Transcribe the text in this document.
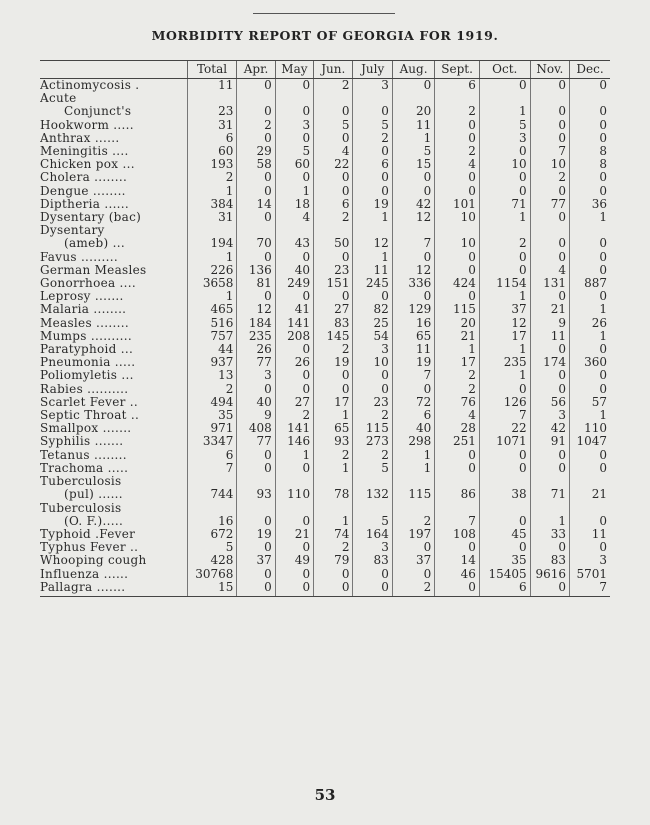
MORBIDITY REPORT OF GEORGIA FOR 1919.
	Total	Apr.	May	Jun.	July	Aug.	Sept.	Oct.	Nov.	Dec.

Actinomycosis .	11	0	0	2	3	0	6	0	0	0

Acute
Conjunct's	23	0	0	0	0	20	2	1	0	0

Hookworm .....	31	2	3	5	5	11	0	5	0	0

Anthrax ......	6	0	0	0	2	1	0	3	0	0

Meningitis ....	60	29	5	4	0	5	2	0	7	8

Chicken pox ...	193	58	60	22	6	15	4	10	10	8

Cholera ........	2	0	0	0	0	0	0	0	2	0

Dengue ........	1	0	1	0	0	0	0	0	0	0

Diptheria ......	384	14	18	6	19	42	101	71	77	36

Dysentary (bac)	31	0	4	2	1	12	10	1	0	1

Dysentary
(ameb) ...	194	70	43	50	12	7	10	2	0	0

Favus .........	1	0	0	0	1	0	0	0	0	0

German Measles	226	136	40	23	11	12	0	0	4	0

Gonorrhoea ....	3658	81	249	151	245	336	424	1154	131	887

Leprosy .......	1	0	0	0	0	0	0	1	0	0

Malaria ........	465	12	41	27	82	129	115	37	21	1

Measles ........	516	184	141	83	25	16	20	12	9	26

Mumps ..........	757	235	208	145	54	65	21	17	11	1

Paratyphoid ...	44	26	0	2	3	11	1	1	0	0

Pneumonia .....	937	77	26	19	10	19	17	235	174	360

Poliomyletis ...	13	3	0	0	0	7	2	1	0	0

Rabies ..........	2	0	0	0	0	0	2	0	0	0

Scarlet Fever ..	494	40	27	17	23	72	76	126	56	57

Septic Throat ..	35	9	2	1	2	6	4	7	3	1

Smallpox .......	971	408	141	65	115	40	28	22	42	110

Syphilis .......	3347	77	146	93	273	298	251	1071	91	1047

Tetanus ........	6	0	1	2	2	1	0	0	0	0

Trachoma .....	7	0	0	1	5	1	0	0	0	0

Tuberculosis
(pul) ......	744	93	110	78	132	115	86	38	71	21

Tuberculosis
(O. F.).....	16	0	0	1	5	2	7	0	1	0

Typhoid .Fever	672	19	21	74	164	197	108	45	33	11

Typhus Fever ..	5	0	0	2	3	0	0	0	0	0

Whooping cough	428	37	49	79	83	37	14	35	83	3

Influenza ......	30768	0	0	0	0	0	46	15405	9616	5701

Pallagra .......	15	0	0	0	0	2	0	6	0	7
53
